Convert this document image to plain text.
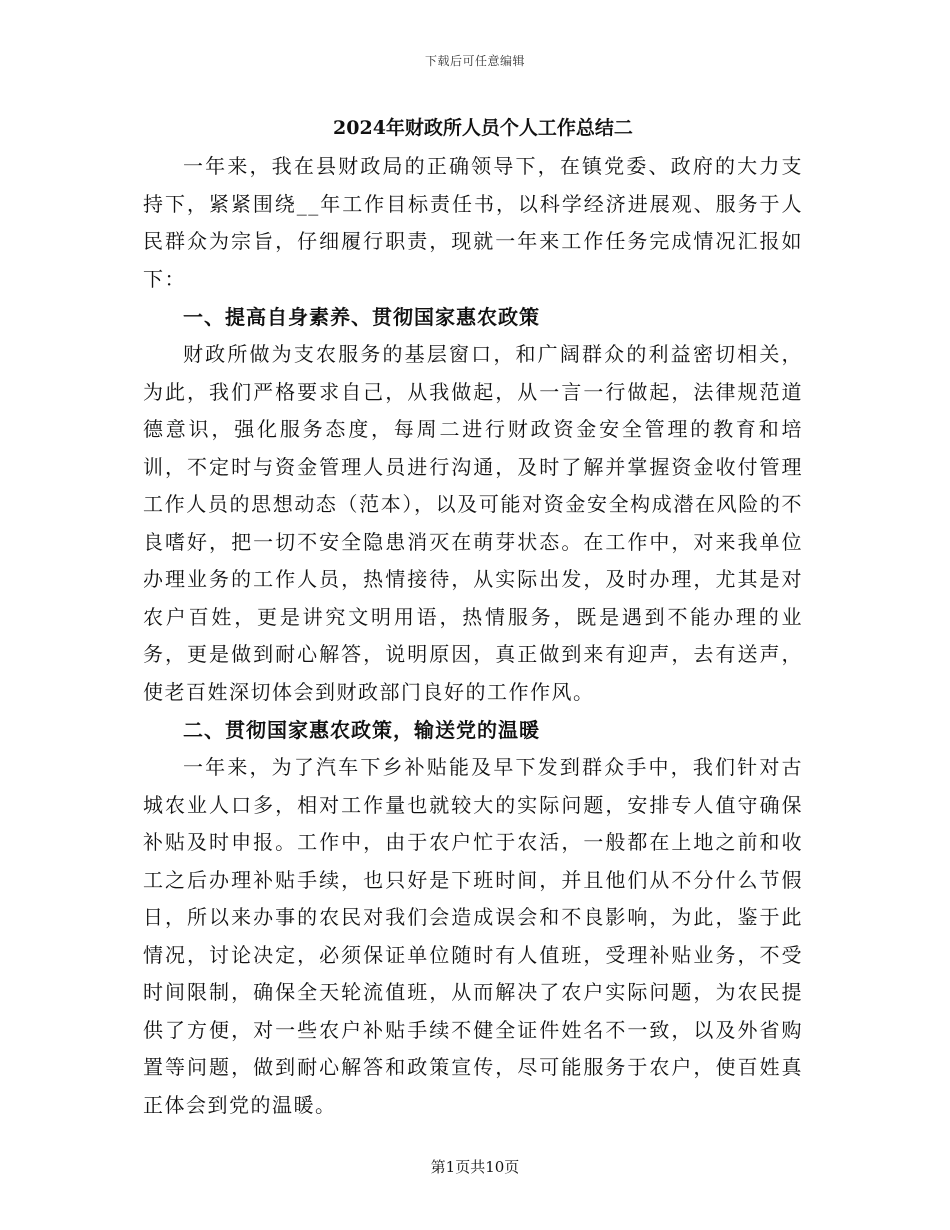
下载后可任意编辑
2024年财政所人员个人工作总结二

一年来，我在县财政局的正确领导下，在镇党委、政府的大力支持下，紧紧围绕__年工作目标责任书，以科学经济进展观、服务于人民群众为宗旨，仔细履行职责，现就一年来工作任务完成情况汇报如下：

一、提高自身素养、贯彻国家惠农政策

财政所做为支农服务的基层窗口，和广阔群众的利益密切相关，为此，我们严格要求自己，从我做起，从一言一行做起，法律规范道德意识，强化服务态度，每周二进行财政资金安全管理的教育和培训，不定时与资金管理人员进行沟通，及时了解并掌握资金收付管理工作人员的思想动态（范本），以及可能对资金安全构成潜在风险的不良嗜好，把一切不安全隐患消灭在萌芽状态。在工作中，对来我单位办理业务的工作人员，热情接待，从实际出发，及时办理，尤其是对农户百姓，更是讲究文明用语，热情服务，既是遇到不能办理的业务，更是做到耐心解答，说明原因，真正做到来有迎声，去有送声，使老百姓深切体会到财政部门良好的工作作风。

二、贯彻国家惠农政策，输送党的温暖

一年来，为了汽车下乡补贴能及早下发到群众手中，我们针对古城农业人口多，相对工作量也就较大的实际问题，安排专人值守确保补贴及时申报。工作中，由于农户忙于农活，一般都在上地之前和收工之后办理补贴手续，也只好是下班时间，并且他们从不分什么节假日，所以来办事的农民对我们会造成误会和不良影响，为此，鉴于此情况，讨论决定，必须保证单位随时有人值班，受理补贴业务，不受时间限制，确保全天轮流值班，从而解决了农户实际问题，为农民提供了方便，对一些农户补贴手续不健全证件姓名不一致，以及外省购置等问题，做到耐心解答和政策宣传，尽可能服务于农户，使百姓真正体会到党的温暖。

第1页共10页
